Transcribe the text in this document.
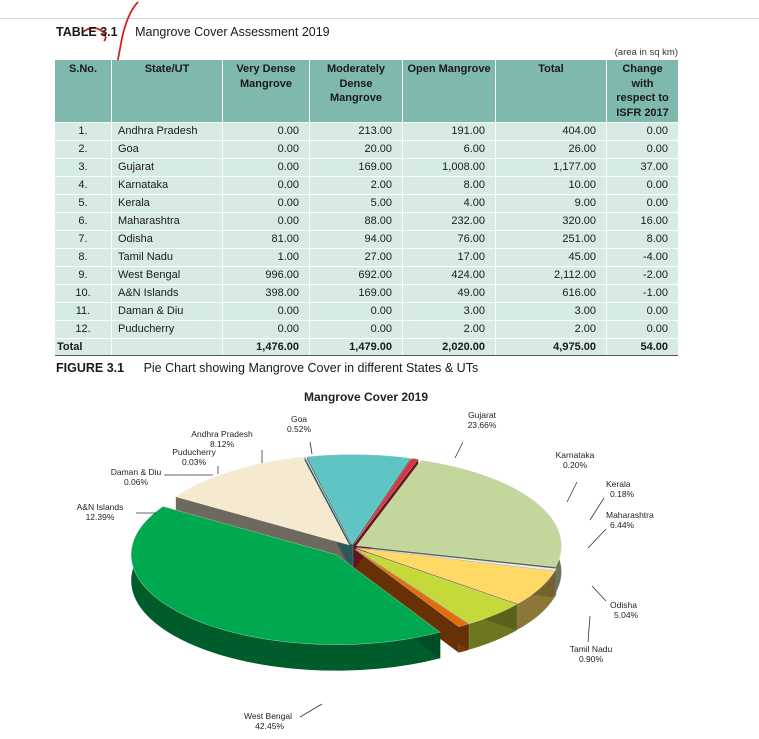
TABLE 3.1 Mangrove Cover Assessment 2019
(area in sq km)
S.No.	State/UT	Very Dense Mangrove	Moderately Dense Mangrove	Open Mangrove	Total	Change with respect to ISFR 2017
1.	Andhra Pradesh	0.00	213.00	191.00	404.00	0.00
2.	Goa	0.00	20.00	6.00	26.00	0.00
3.	Gujarat	0.00	169.00	1,008.00	1,177.00	37.00
4.	Karnataka	0.00	2.00	8.00	10.00	0.00
5.	Kerala	0.00	5.00	4.00	9.00	0.00
6.	Maharashtra	0.00	88.00	232.00	320.00	16.00
7.	Odisha	81.00	94.00	76.00	251.00	8.00
8.	Tamil Nadu	1.00	27.00	17.00	45.00	-4.00
9.	West Bengal	996.00	692.00	424.00	2,112.00	-2.00
10.	A&N Islands	398.00	169.00	49.00	616.00	-1.00
11.	Daman & Diu	0.00	0.00	3.00	3.00	0.00
12.	Puducherry	0.00	0.00	2.00	2.00	0.00
Total		1,476.00	1,479.00	2,020.00	4,975.00	54.00
FIGURE 3.1 Pie Chart showing Mangrove Cover in different States & UTs
Mangrove Cover 2019
Gujarat
23.66%
Karnataka
0.20%
Kerala
0.18%
Maharashtra
6.44%
Odisha
5.04%
Tamil Nadu
0.90%
West Bengal
42.45%
A&N Islands
12.39%
Daman & Diu
0.06%
Puducherry
0.03%
Andhra Pradesh
8.12%
Goa
0.52%
